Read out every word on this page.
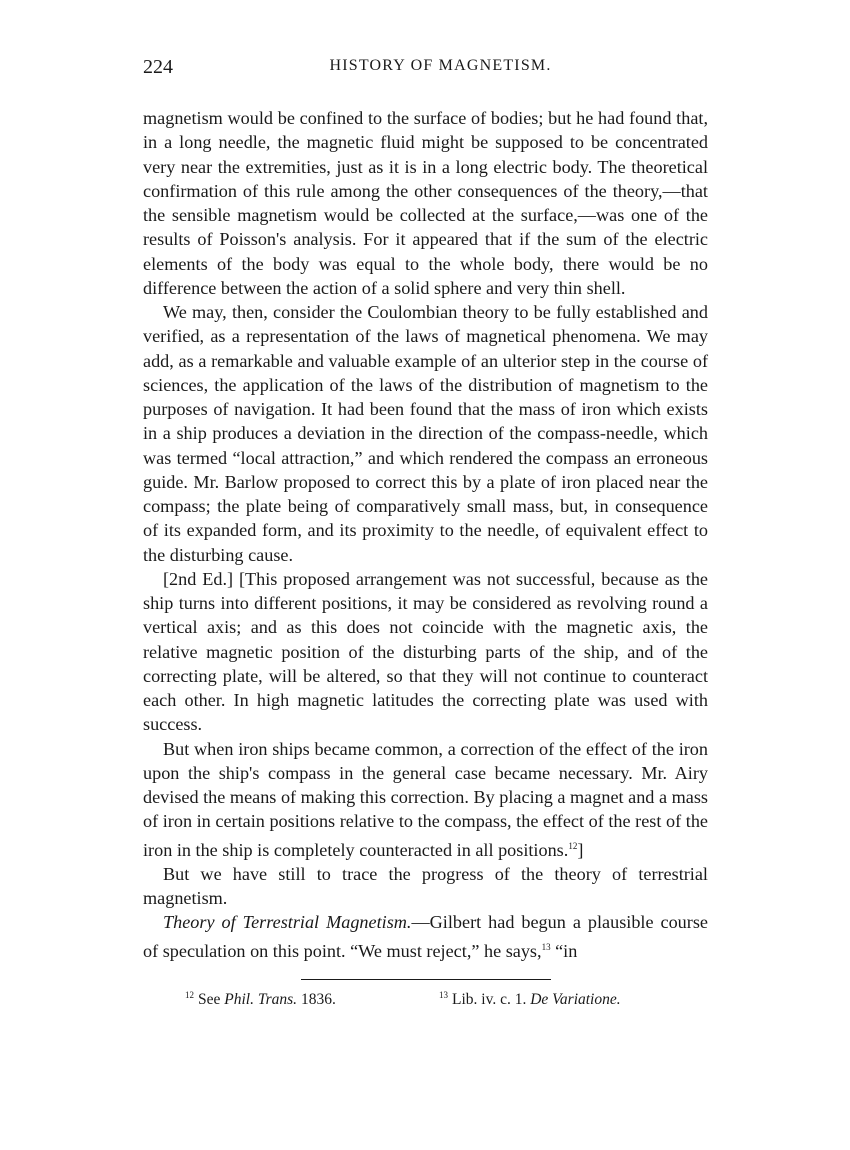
224	HISTORY OF MAGNETISM.

magnetism would be confined to the surface of bodies; but he had found that, in a long needle, the magnetic fluid might be supposed to be concentrated very near the extremities, just as it is in a long electric body. The theoretical confirmation of this rule among the other consequences of the theory,—that the sensible magnetism would be collected at the surface,—was one of the results of Poisson's analysis. For it appeared that if the sum of the electric elements of the body was equal to the whole body, there would be no difference between the action of a solid sphere and very thin shell.

We may, then, consider the Coulombian theory to be fully established and verified, as a representation of the laws of magnetical phenomena. We may add, as a remarkable and valuable example of an ulterior step in the course of sciences, the application of the laws of the distribution of magnetism to the purposes of navigation. It had been found that the mass of iron which exists in a ship produces a deviation in the direction of the compass-needle, which was termed “local attraction,” and which rendered the compass an erroneous guide. Mr. Barlow proposed to correct this by a plate of iron placed near the compass; the plate being of comparatively small mass, but, in consequence of its expanded form, and its proximity to the needle, of equivalent effect to the disturbing cause.

[2nd Ed.] [This proposed arrangement was not successful, because as the ship turns into different positions, it may be considered as revolving round a vertical axis; and as this does not coincide with the magnetic axis, the relative magnetic position of the disturbing parts of the ship, and of the correcting plate, will be altered, so that they will not continue to counteract each other. In high magnetic latitudes the correcting plate was used with success.

But when iron ships became common, a correction of the effect of the iron upon the ship's compass in the general case became necessary. Mr. Airy devised the means of making this correction. By placing a magnet and a mass of iron in certain positions relative to the compass, the effect of the rest of the iron in the ship is completely counteracted in all positions.$^{12}$]

But we have still to trace the progress of the theory of terrestrial magnetism.

Theory of Terrestrial Magnetism.—Gilbert had begun a plausible course of speculation on this point. “We must reject,” he says,$^{13}$ “in

$^{12}$ See Phil. Trans. 1836.	$^{13}$ Lib. iv. c. 1. De Variatione.
